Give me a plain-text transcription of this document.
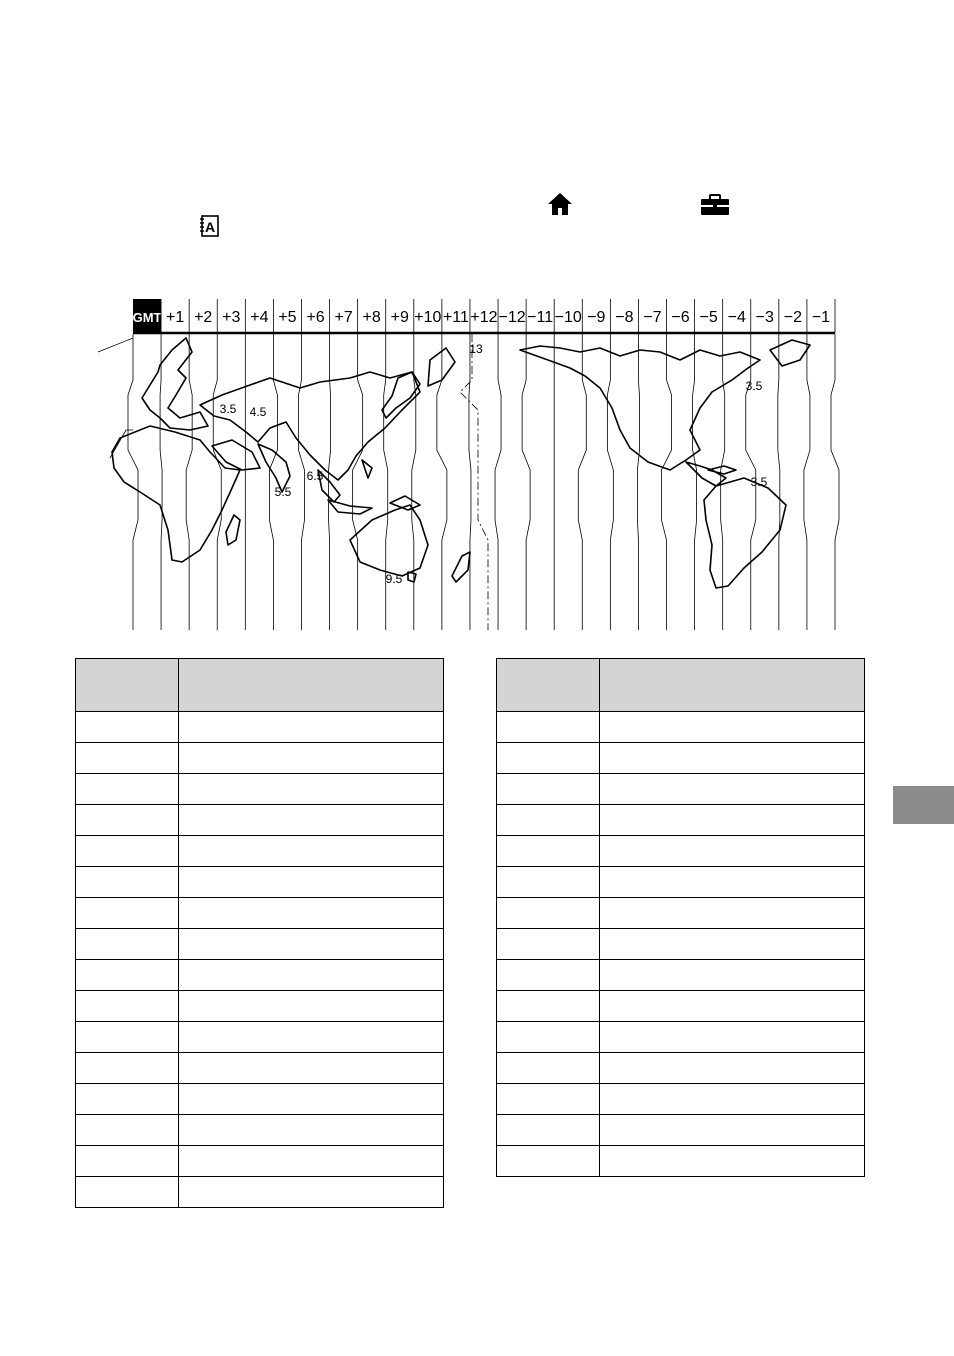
A
GMT +1 +2 +3 +4 +5 +6 +7 +8 +9 +10 +11 +12 −12 −11 −10 −9 −8 −7 −6 −5 −4 −3 −2 −1
13
3.5 4.5
5.5
6.5
9.5
3.5
3.5
